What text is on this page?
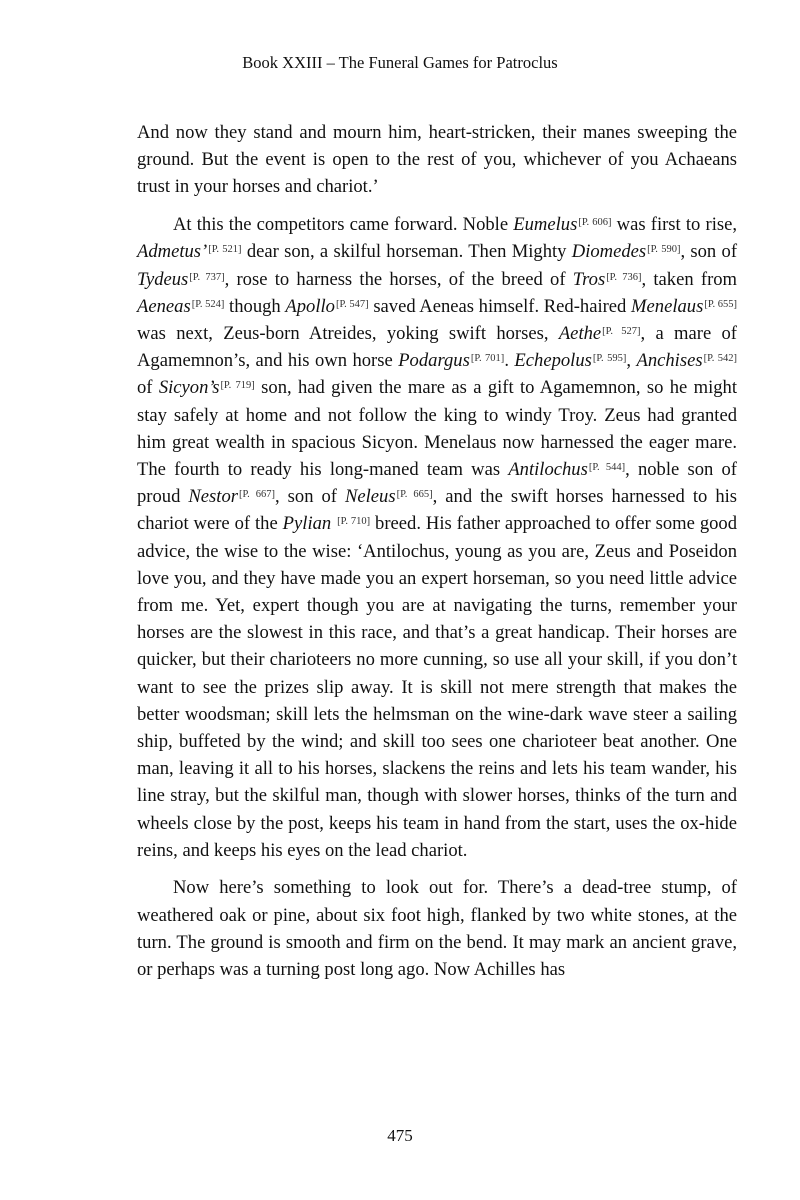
Book XXIII – The Funeral Games for Patroclus

And now they stand and mourn him, heart-stricken, their manes sweeping the ground. But the event is open to the rest of you, whichever of you Achaeans trust in your horses and chariot.’

At this the competitors came forward. Noble Eumelus[P. 606] was first to rise, Admetus’[P. 521] dear son, a skilful horseman. Then Mighty Diomedes[P. 590], son of Tydeus[P. 737], rose to harness the horses, of the breed of Tros[P. 736], taken from Aeneas[P. 524] though Apollo[P. 547] saved Aeneas himself. Red-haired Menelaus[P. 655] was next, Zeus-born Atreides, yoking swift horses, Aethe[P. 527], a mare of Agamemnon’s, and his own horse Podargus[P. 701]. Echepolus[P. 595], Anchises[P. 542] of Sicyon’s[P. 719] son, had given the mare as a gift to Agamemnon, so he might stay safely at home and not follow the king to windy Troy. Zeus had granted him great wealth in spacious Sicyon. Menelaus now harnessed the eager mare. The fourth to ready his long-maned team was Antilochus[P. 544], noble son of proud Nestor[P. 667], son of Neleus[P. 665], and the swift horses harnessed to his chariot were of the Pylian [P. 710] breed. His father approached to offer some good advice, the wise to the wise: ‘Antilochus, young as you are, Zeus and Poseidon love you, and they have made you an expert horseman, so you need little advice from me. Yet, expert though you are at navigating the turns, remember your horses are the slowest in this race, and that’s a great handicap. Their horses are quicker, but their charioteers no more cunning, so use all your skill, if you don’t want to see the prizes slip away. It is skill not mere strength that makes the better woodsman; skill lets the helmsman on the wine-dark wave steer a sailing ship, buffeted by the wind; and skill too sees one charioteer beat another. One man, leaving it all to his horses, slackens the reins and lets his team wander, his line stray, but the skilful man, though with slower horses, thinks of the turn and wheels close by the post, keeps his team in hand from the start, uses the ox-hide reins, and keeps his eyes on the lead chariot.

Now here’s something to look out for. There’s a dead-tree stump, of weathered oak or pine, about six foot high, flanked by two white stones, at the turn. The ground is smooth and firm on the bend. It may mark an ancient grave, or perhaps was a turning post long ago. Now Achilles has

475
